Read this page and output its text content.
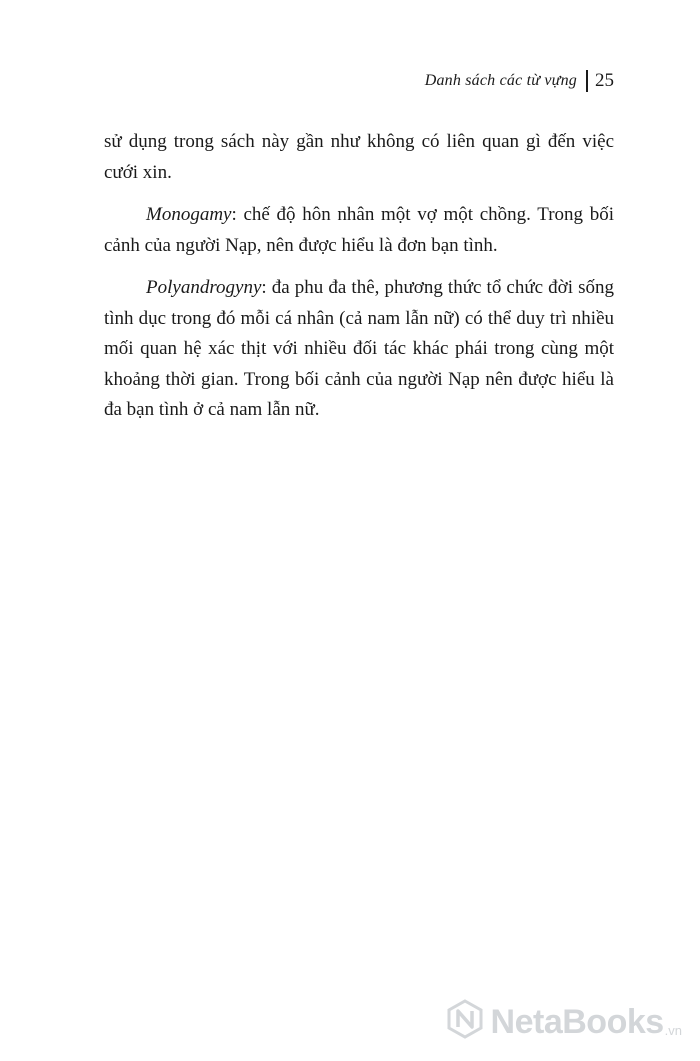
Danh sách các từ vựng 25

sử dụng trong sách này gần như không có liên quan gì đến việc cưới xin.

Monogamy: chế độ hôn nhân một vợ một chồng. Trong bối cảnh của người Nạp, nên được hiểu là đơn bạn tình.

Polyandrogyny: đa phu đa thê, phương thức tổ chức đời sống tình dục trong đó mỗi cá nhân (cả nam lẫn nữ) có thể duy trì nhiều mối quan hệ xác thịt với nhiều đối tác khác phái trong cùng một khoảng thời gian. Trong bối cảnh của người Nạp nên được hiểu là đa bạn tình ở cả nam lẫn nữ.

NetaBooks .vn
